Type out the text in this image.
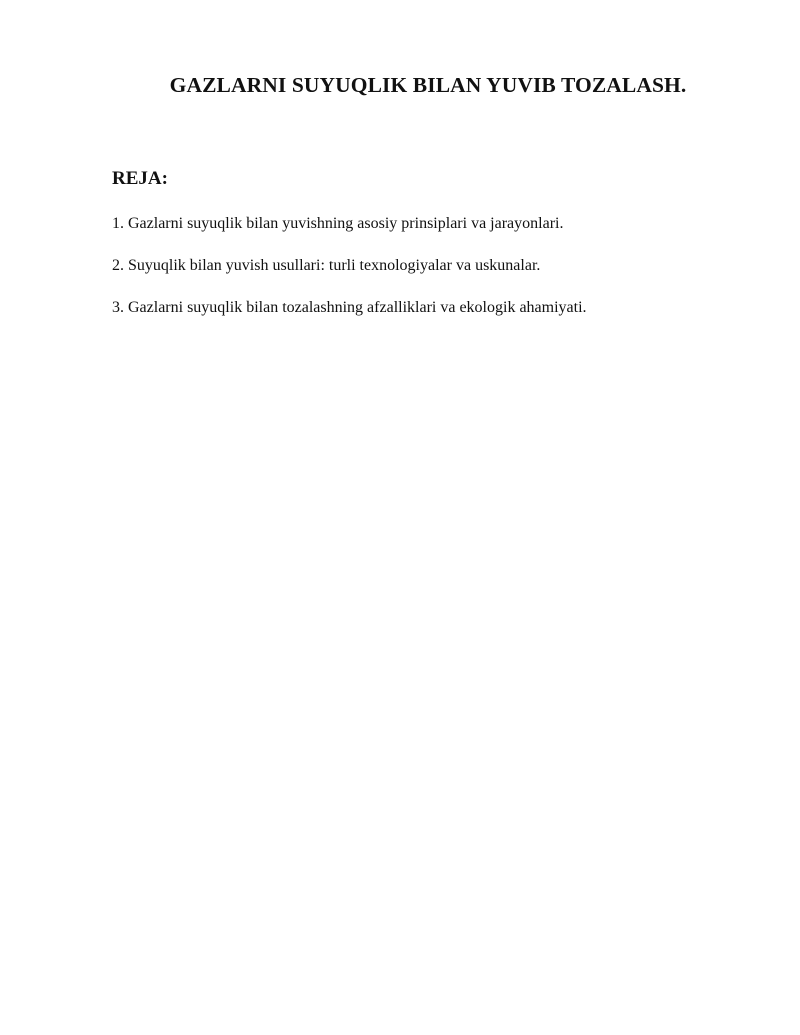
GAZLARNI SUYUQLIK BILAN YUVIB TOZALASH.
REJA:
1. Gazlarni suyuqlik bilan yuvishning asosiy prinsiplari va jarayonlari.
2. Suyuqlik bilan yuvish usullari: turli texnologiyalar va uskunalar.
3. Gazlarni suyuqlik bilan tozalashning afzalliklari va ekologik ahamiyati.
